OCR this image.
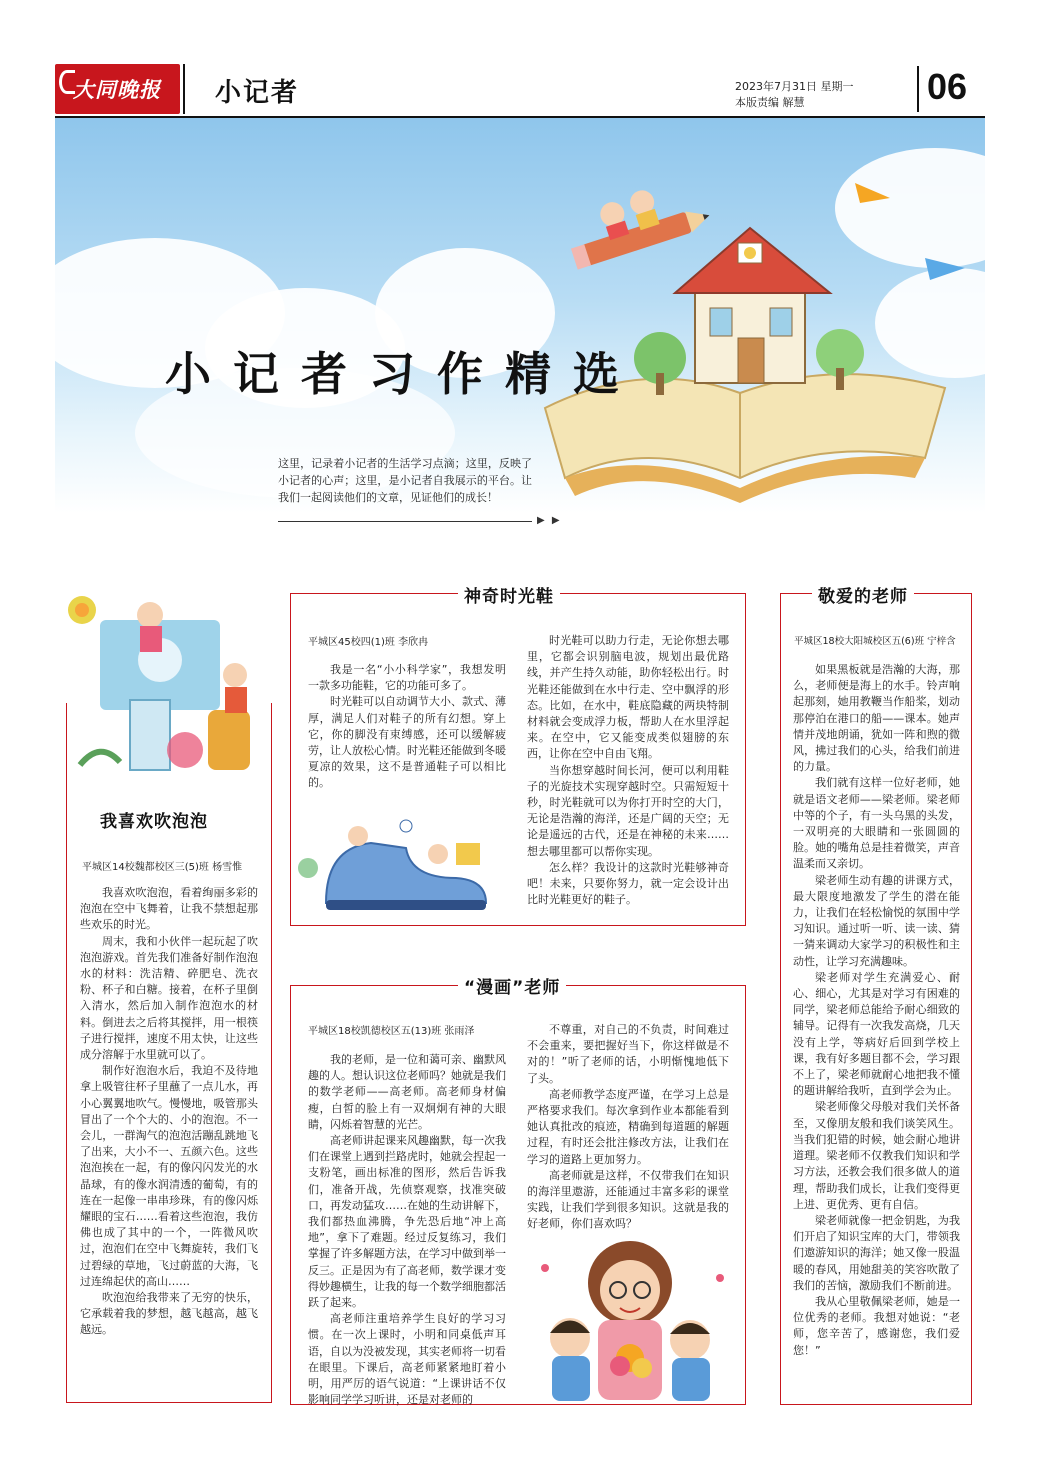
大同晚报 小记者	2023年7月31日 星期一
本版责编 解慧	06
小记者习作精选
这里，记录着小记者的生活学习点滴；这里，反映了小记者的心声；这里，是小记者自我展示的平台。让我们一起阅读他们的文章，见证他们的成长！
▶ ▶
我喜欢吹泡泡
平城区14校魏都校区三(5)班 杨雪惟

我喜欢吹泡泡，看着绚丽多彩的泡泡在空中飞舞着，让我不禁想起那些欢乐的时光。

周末，我和小伙伴一起玩起了吹泡泡游戏。首先我们准备好制作泡泡水的材料：洗洁精、碎肥皂、洗衣粉、杯子和白糖。接着，在杯子里倒入清水，然后加入制作泡泡水的材料。倒进去之后将其搅拌，用一根筷子进行搅拌，速度不用太快，让这些成分溶解于水里就可以了。

制作好泡泡水后，我迫不及待地拿上吸管往杯子里蘸了一点儿水，再小心翼翼地吹气。慢慢地，吸管那头冒出了一个个大的、小的泡泡。不一会儿，一群淘气的泡泡活蹦乱跳地飞了出来，大小不一、五颜六色。这些泡泡挨在一起，有的像闪闪发光的水晶球，有的像水润清透的葡萄，有的连在一起像一串串珍珠，有的像闪烁耀眼的宝石……看着这些泡泡，我仿佛也成了其中的一个，一阵微风吹过，泡泡们在空中飞舞旋转，我们飞过碧绿的草地，飞过蔚蓝的大海，飞过连绵起伏的高山……

吹泡泡给我带来了无穷的快乐，它承载着我的梦想，越飞越高，越飞越远。

神奇时光鞋
平城区45校四(1)班 李欣冉

我是一名“小小科学家”，我想发明一款多功能鞋，它的功能可多了。

时光鞋可以自动调节大小、款式、薄厚，满足人们对鞋子的所有幻想。穿上它，你的脚没有束缚感，还可以缓解疲劳，让人放松心情。时光鞋还能做到冬暖夏凉的效果，这不是普通鞋子可以相比的。

时光鞋可以助力行走，无论你想去哪里，它都会识别脑电波，规划出最优路线，并产生持久动能，助你轻松出行。时光鞋还能做到在水中行走、空中飘浮的形态。比如，在水中，鞋底隐藏的两块特制材料就会变成浮力板，帮助人在水里浮起来。在空中，它又能变成类似翅膀的东西，让你在空中自由飞翔。

当你想穿越时间长河，便可以利用鞋子的光旋技术实现穿越时空。只需短短十秒，时光鞋就可以为你打开时空的大门，无论是浩瀚的海洋，还是广阔的天空；无论是遥远的古代，还是在神秘的未来……想去哪里都可以帮你实现。

怎么样？我设计的这款时光鞋够神奇吧！未来，只要你努力，就一定会设计出比时光鞋更好的鞋子。

“漫画”老师
平城区18校凯德校区五(13)班 张雨泽

我的老师，是一位和蔼可亲、幽默风趣的人。想认识这位老师吗？她就是我们的数学老师——高老师。高老师身材偏瘦，白皙的脸上有一双炯炯有神的大眼睛，闪烁着智慧的光芒。

高老师讲起课来风趣幽默，每一次我们在课堂上遇到拦路虎时，她就会捏起一支粉笔，画出标准的图形，然后告诉我们，准备开战，先侦察观察，找准突破口，再发动猛攻……在她的生动讲解下，我们都热血沸腾，争先恐后地“冲上高地”，拿下了难题。经过反复练习，我们掌握了许多解题方法，在学习中做到举一反三。正是因为有了高老师，数学课才变得妙趣横生，让我的每一个数学细胞都活跃了起来。

高老师注重培养学生良好的学习习惯。在一次上课时，小明和同桌低声耳语，自以为没被发现，其实老师将一切看在眼里。下课后，高老师紧紧地盯着小明，用严厉的语气说道：“上课讲话不仅影响同学学习听讲，还是对老师的

不尊重，对自己的不负责，时间难过不会重来，要把握好当下，你这样做是不对的！”听了老师的话，小明惭愧地低下了头。

高老师教学态度严谨，在学习上总是严格要求我们。每次拿到作业本都能看到她认真批改的痕迹，精确到每道题的解题过程，有时还会批注修改方法，让我们在学习的道路上更加努力。

高老师就是这样，不仅带我们在知识的海洋里遨游，还能通过丰富多彩的课堂实践，让我们学到很多知识。这就是我的好老师，你们喜欢吗？

敬爱的老师
平城区18校大阳城校区五(6)班 宁梓含

如果黑板就是浩瀚的大海，那么，老师便是海上的水手。铃声响起那刻，她用教鞭当作船桨，划动那停泊在港口的船——课本。她声情并茂地朗诵，犹如一阵和煦的微风，拂过我们的心头，给我们前进的力量。

我们就有这样一位好老师，她就是语文老师——梁老师。梁老师中等的个子，有一头乌黑的头发，一双明亮的大眼睛和一张圆圆的脸。她的嘴角总是挂着微笑，声音温柔而又亲切。

梁老师生动有趣的讲课方式，最大限度地激发了学生的潜在能力，让我们在轻松愉悦的氛围中学习知识。通过听一听、读一读、猜一猜来调动大家学习的积极性和主动性，让学习充满趣味。

梁老师对学生充满爱心、耐心、细心，尤其是对学习有困难的同学，梁老师总能给予耐心细致的辅导。记得有一次我发高烧，几天没有上学，等病好后回到学校上课，我有好多题目都不会，学习跟不上了，梁老师就耐心地把我不懂的题讲解给我听，直到学会为止。

梁老师像父母般对我们关怀备至，又像朋友般和我们谈笑风生。当我们犯错的时候，她会耐心地讲道理。梁老师不仅教我们知识和学习方法，还教会我们很多做人的道理，帮助我们成长，让我们变得更上进、更优秀、更有自信。

梁老师就像一把金钥匙，为我们开启了知识宝库的大门，带领我们遨游知识的海洋；她又像一股温暖的春风，用她甜美的笑容吹散了我们的苦恼，激励我们不断前进。

我从心里敬佩梁老师，她是一位优秀的老师。我想对她说：“老师，您辛苦了，感谢您，我们爱您！”
